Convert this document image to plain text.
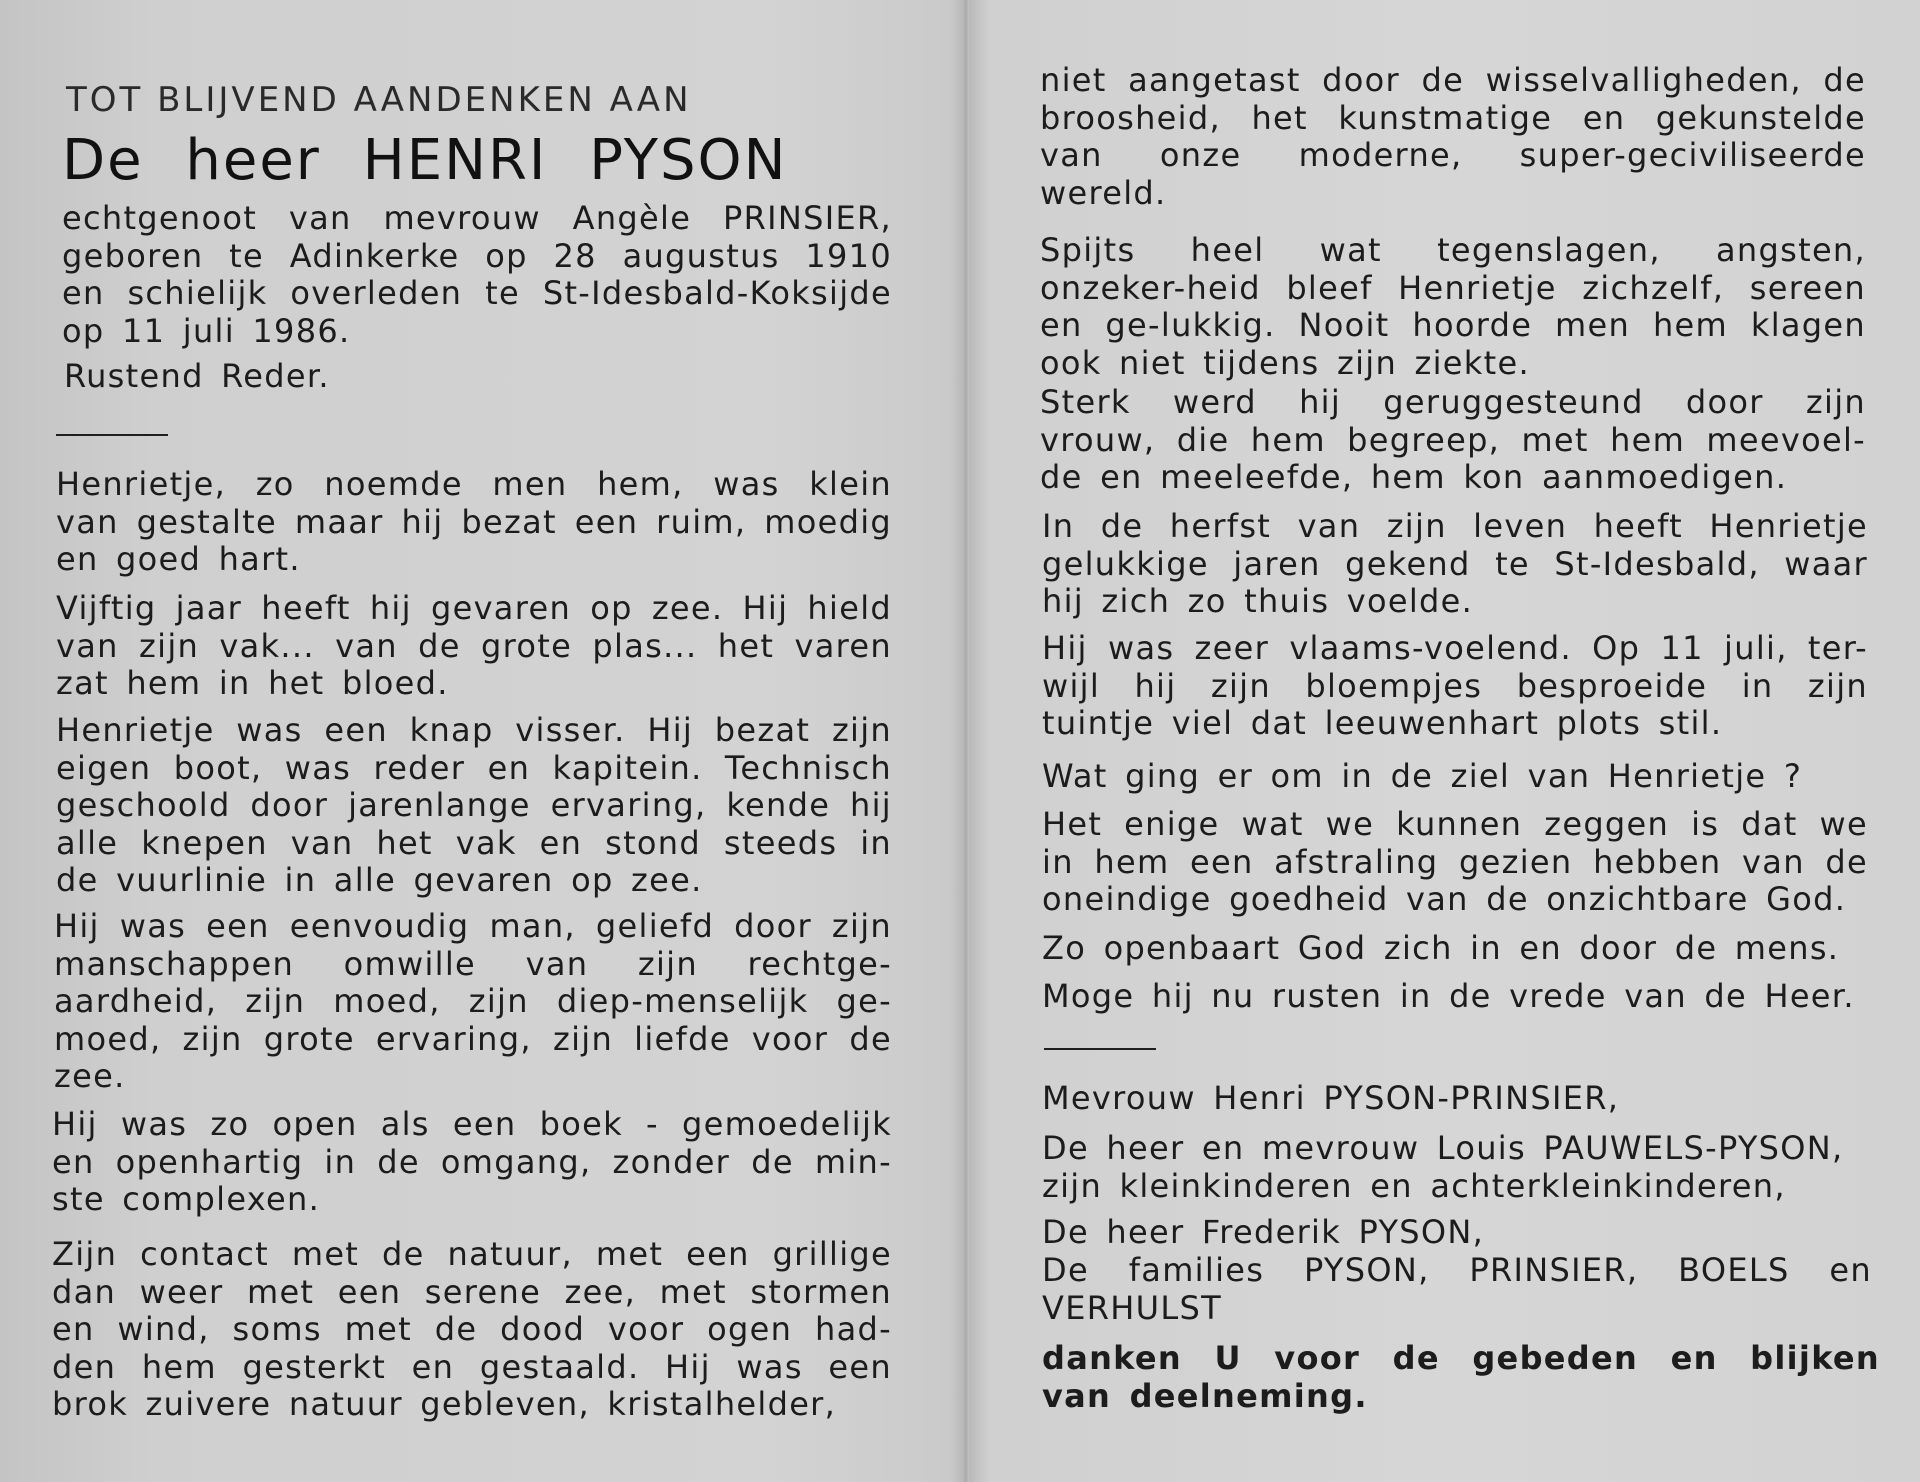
TOT BLIJVEND AANDENKEN AAN
De heer HENRI PYSON
echtgenoot van mevrouw Angèle PRINSIER, geboren te Adinkerke op 28 augustus 1910 en schielijk overleden te St-Idesbald-Koksijde op 11 juli 1986.
Rustend Reder.
Henrietje, zo noemde men hem, was klein van gestalte maar hij bezat een ruim, moedig en goed hart.
Vijftig jaar heeft hij gevaren op zee. Hij hield van zijn vak... van de grote plas... het varen zat hem in het bloed.
Henrietje was een knap visser. Hij bezat zijn eigen boot, was reder en kapitein. Technisch geschoold door jarenlange ervaring, kende hij alle knepen van het vak en stond steeds in de vuurlinie in alle gevaren op zee.
Hij was een eenvoudig man, geliefd door zijn manschappen omwille van zijn rechtge-aardheid, zijn moed, zijn diep-menselijk ge-moed, zijn grote ervaring, zijn liefde voor de zee.
Hij was zo open als een boek - gemoedelijk en openhartig in de omgang, zonder de min-ste complexen.
Zijn contact met de natuur, met een grillige dan weer met een serene zee, met stormen en wind, soms met de dood voor ogen had-den hem gesterkt en gestaald. Hij was een brok zuivere natuur gebleven, kristalhelder,
niet aangetast door de wisselvalligheden, de broosheid, het kunstmatige en gekunstelde van onze moderne, super-geciviliseerde wereld.
Spijts heel wat tegenslagen, angsten, onzeker-heid bleef Henrietje zichzelf, sereen en ge-lukkig. Nooit hoorde men hem klagen ook niet tijdens zijn ziekte.
Sterk werd hij geruggesteund door zijn vrouw, die hem begreep, met hem meevoel-de en meeleefde, hem kon aanmoedigen.
In de herfst van zijn leven heeft Henrietje gelukkige jaren gekend te St-Idesbald, waar hij zich zo thuis voelde.
Hij was zeer vlaams-voelend. Op 11 juli, ter-wijl hij zijn bloempjes besproeide in zijn tuintje viel dat leeuwenhart plots stil.
Wat ging er om in de ziel van Henrietje ?
Het enige wat we kunnen zeggen is dat we in hem een afstraling gezien hebben van de oneindige goedheid van de onzichtbare God.
Zo openbaart God zich in en door de mens.
Moge hij nu rusten in de vrede van de Heer.
Mevrouw Henri PYSON-PRINSIER,
De heer en mevrouw Louis PAUWELS-PYSON,
zijn kleinkinderen en achterkleinkinderen,
De heer Frederik PYSON,
De families PYSON, PRINSIER, BOELS en VERHULST
danken U voor de gebeden en blijken van deelneming.
